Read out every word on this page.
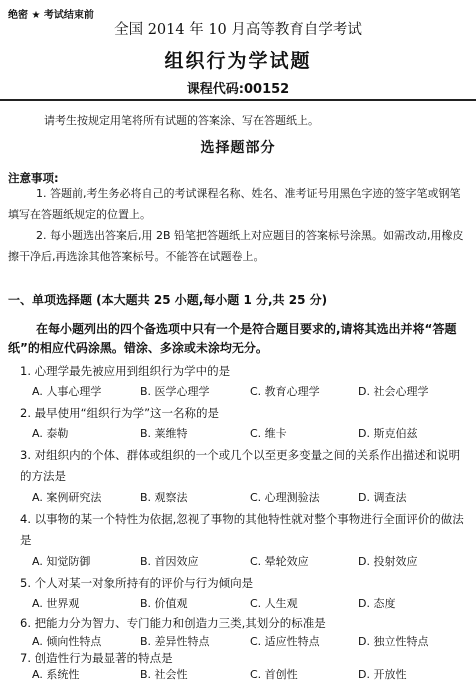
绝密 ★ 考试结束前
全国 2014 年 10 月高等教育自学考试
组织行为学试题
课程代码:00152
请考生按规定用笔将所有试题的答案涂、写在答题纸上。
选择题部分
注意事项:
1. 答题前,考生务必将自己的考试课程名称、姓名、准考证号用黑色字迹的签字笔或钢笔填写在答题纸规定的位置上。
2. 每小题选出答案后,用 2B 铅笔把答题纸上对应题目的答案标号涂黑。如需改动,用橡皮擦干净后,再选涂其他答案标号。不能答在试题卷上。
一、单项选择题 (本大题共 25 小题,每小题 1 分,共 25 分)
在每小题列出的四个备选项中只有一个是符合题目要求的,请将其选出并将“答题纸”的相应代码涂黑。错涂、多涂或未涂均无分。
1. 心理学最先被应用到组织行为学中的是
A. 人事心理学	B. 医学心理学	C. 教育心理学	D. 社会心理学
2. 最早使用“组织行为学”这一名称的是
A. 泰勒	B. 莱维特	C. 维卡	D. 斯克伯兹
3. 对组织内的个体、群体或组织的一个或几个以至更多变量之间的关系作出描述和说明的方法是
A. 案例研究法	B. 观察法	C. 心理测验法	D. 调查法
4. 以事物的某一个特性为依据,忽视了事物的其他特性就对整个事物进行全面评价的做法是
A. 知觉防御	B. 首因效应	C. 晕轮效应	D. 投射效应
5. 个人对某一对象所持有的评价与行为倾向是
A. 世界观	B. 价值观	C. 人生观	D. 态度
6. 把能力分为智力、专门能力和创造力三类,其划分的标准是
A. 倾向性特点	B. 差异性特点	C. 适应性特点	D. 独立性特点
7. 创造性行为最显著的特点是
A. 系统性	B. 社会性	C. 首创性	D. 开放性
